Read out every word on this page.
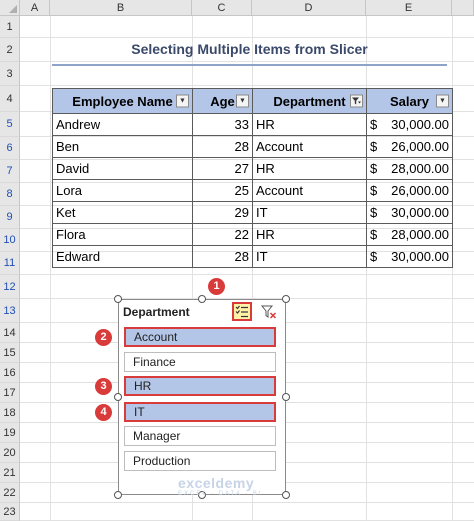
A	B	C	D	E
1
2
3
4
5
6
7
8
9
10
11
12
13
14
15
16
17
18
19
20
21
22
23
Selecting Multiple Items from Slicer
Employee Name ▼	Age ▼	Department	Salary ▼

Andrew	33	HR	$ 30,000.00

Ben	28	Account	$ 26,000.00

David	27	HR	$ 28,000.00

Lora	25	Account	$ 26,000.00

Ket	29	IT	$ 30,000.00

Flora	22	HR	$ 28,000.00

Edward	28	IT	$ 30,000.00
Department
Account
Finance
HR
IT
Manager
Production
1
2
3
4
exceldemy
EXCEL · DATA · BI
